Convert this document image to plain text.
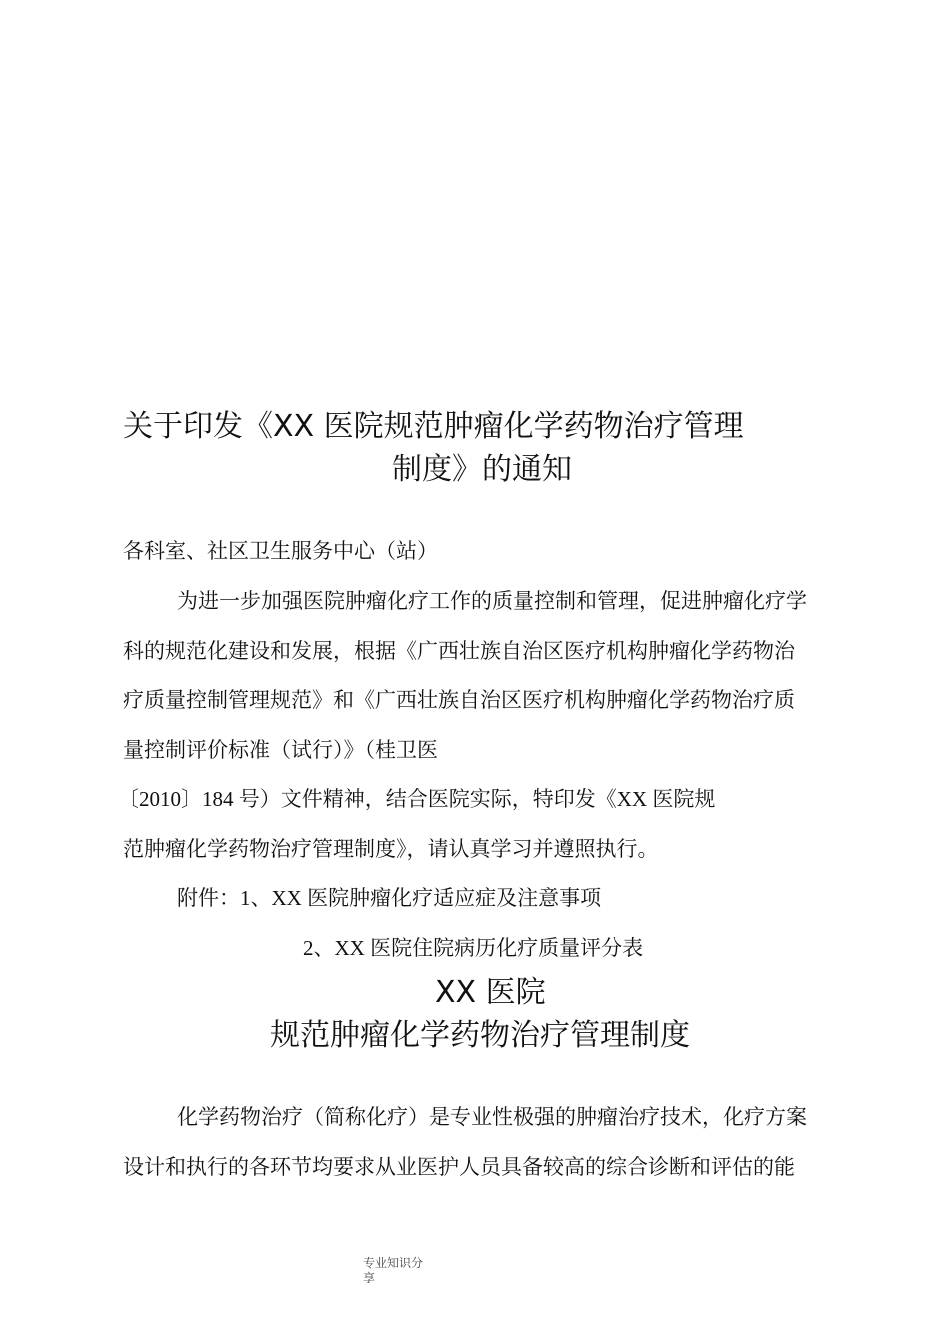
关于印发《XX 医院规范肿瘤化学药物治疗管理
制度》的通知
各科室、社区卫生服务中心（站）
为进一步加强医院肿瘤化疗工作的质量控制和管理，促进肿瘤化疗学
科的规范化建设和发展，根据《广西壮族自治区医疗机构肿瘤化学药物治
疗质量控制管理规范》和《广西壮族自治区医疗机构肿瘤化学药物治疗质
量控制评价标准（试行）》（桂卫医
〔2010〕184 号）文件精神，结合医院实际，特印发《XX 医院规
范肿瘤化学药物治疗管理制度》，请认真学习并遵照执行。
附件：1、XX 医院肿瘤化疗适应症及注意事项
2、XX 医院住院病历化疗质量评分表
XX 医院
规范肿瘤化学药物治疗管理制度
化学药物治疗（简称化疗）是专业性极强的肿瘤治疗技术，化疗方案
设计和执行的各环节均要求从业医护人员具备较高的综合诊断和评估的能
专业知识分
享
